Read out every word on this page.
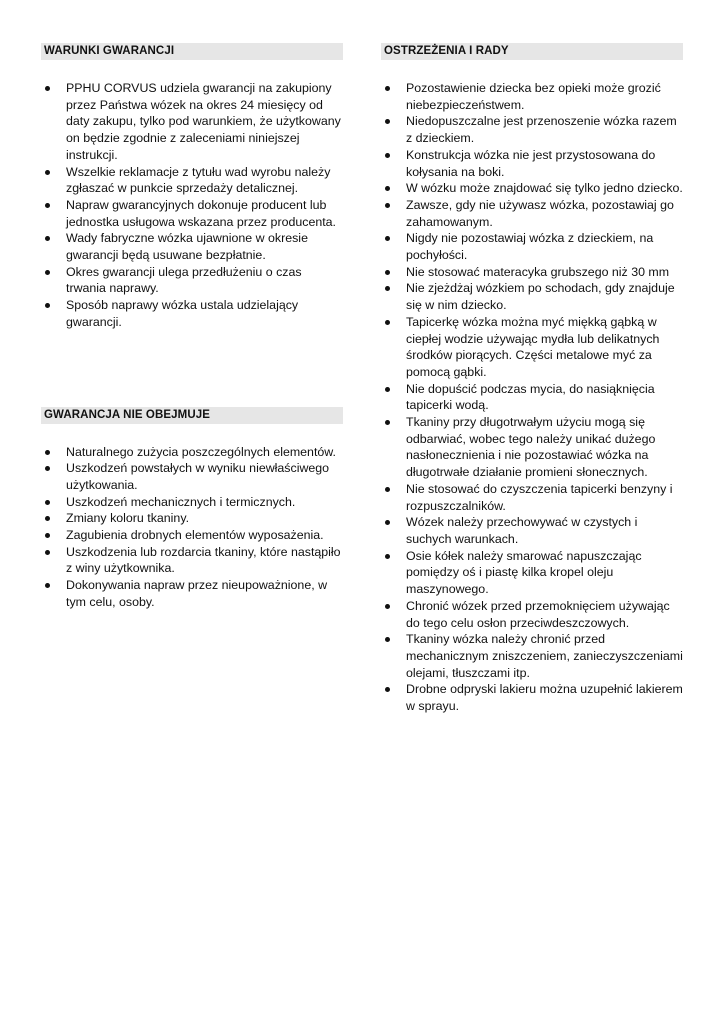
WARUNKI GWARANCJI
PPHU CORVUS udziela gwarancji na zakupiony przez Państwa wózek na okres 24 miesięcy od daty zakupu, tylko pod warunkiem, że użytkowany on będzie zgodnie z zaleceniami niniejszej instrukcji.
Wszelkie reklamacje z tytułu wad wyrobu należy zgłaszać w punkcie sprzedaży detalicznej.
Napraw gwarancyjnych dokonuje producent lub jednostka usługowa wskazana przez producenta.
Wady fabryczne wózka ujawnione w okresie gwarancji będą usuwane bezpłatnie.
Okres gwarancji ulega przedłużeniu o czas trwania naprawy.
Sposób naprawy wózka ustala udzielający gwarancji.
GWARANCJA NIE OBEJMUJE
Naturalnego zużycia poszczególnych elementów.
Uszkodzeń powstałych w wyniku niewłaściwego użytkowania.
Uszkodzeń mechanicznych i termicznych.
Zmiany koloru tkaniny.
Zagubienia drobnych elementów wyposażenia.
Uszkodzenia lub rozdarcia tkaniny, które nastąpiło z winy użytkownika.
Dokonywania napraw przez nieupoważnione, w tym celu, osoby.
OSTRZEŻENIA I RADY
Pozostawienie dziecka bez opieki może grozić niebezpieczeństwem.
Niedopuszczalne jest przenoszenie wózka razem z dzieckiem.
Konstrukcja wózka nie jest przystosowana do kołysania na boki.
W wózku może znajdować się tylko jedno dziecko.
Zawsze, gdy nie używasz wózka, pozostawiaj go zahamowanym.
Nigdy nie pozostawiaj wózka z dzieckiem, na pochyłości.
Nie stosować materacyka grubszego niż 30 mm
Nie zjeżdżaj wózkiem po schodach, gdy znajduje się w nim dziecko.
Tapicerkę wózka można myć miękką gąbką w ciepłej wodzie używając mydła lub delikatnych środków piorących. Części metalowe myć za pomocą gąbki.
Nie dopuścić podczas mycia, do nasiąknięcia tapicerki wodą.
Tkaniny przy długotrwałym użyciu mogą się odbarwiać, wobec tego należy unikać dużego nasłonecznienia i nie pozostawiać wózka na długotrwałe działanie promieni słonecznych.
Nie stosować do czyszczenia tapicerki benzyny i rozpuszczalników.
Wózek należy przechowywać w czystych i suchych warunkach.
Osie kółek należy smarować napuszczając pomiędzy oś i piastę kilka kropel oleju maszynowego.
Chronić wózek przed przemoknięciem używając do tego celu osłon przeciwdeszczowych.
Tkaniny wózka należy chronić przed mechanicznym zniszczeniem, zanieczyszczeniami olejami, tłuszczami itp.
Drobne odpryski lakieru można uzupełnić lakierem w sprayu.
